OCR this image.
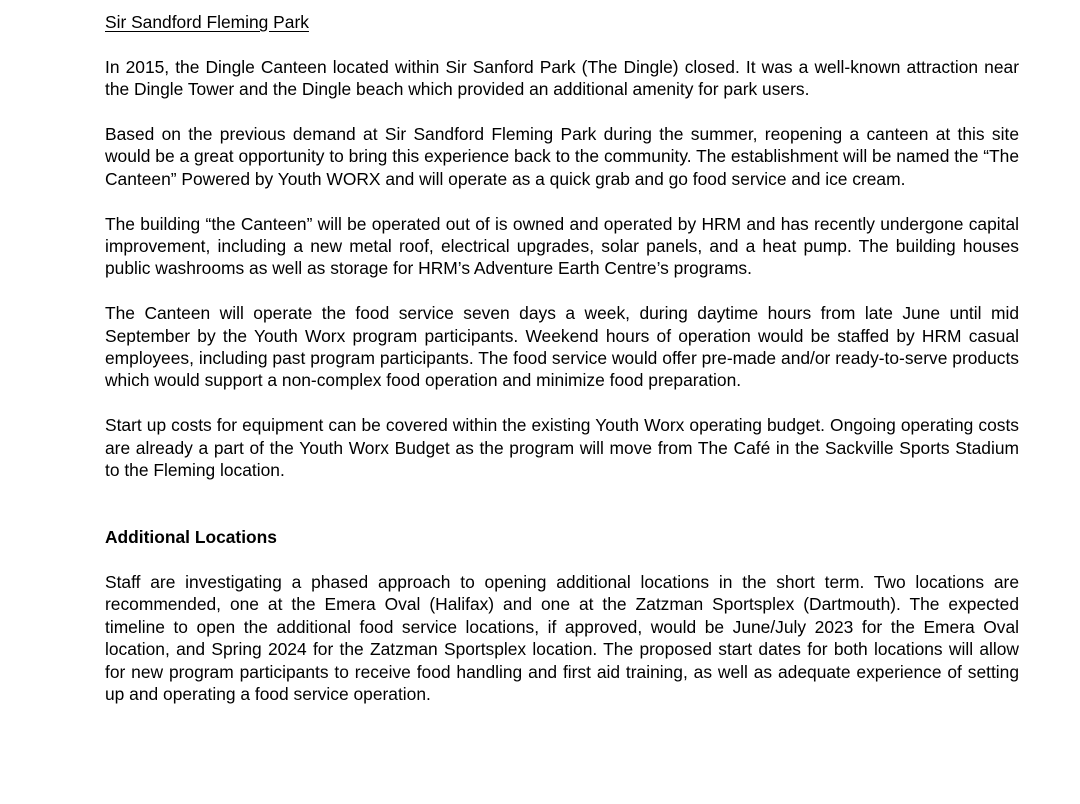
Sir Sandford Fleming Park

In 2015, the Dingle Canteen located within Sir Sanford Park (The Dingle) closed. It was a well-known attraction near the Dingle Tower and the Dingle beach which provided an additional amenity for park users.

Based on the previous demand at Sir Sandford Fleming Park during the summer, reopening a canteen at this site would be a great opportunity to bring this experience back to the community. The establishment will be named the “The Canteen” Powered by Youth WORX and will operate as a quick grab and go food service and ice cream.

The building “the Canteen” will be operated out of is owned and operated by HRM and has recently undergone capital improvement, including a new metal roof, electrical upgrades, solar panels, and a heat pump. The building houses public washrooms as well as storage for HRM’s Adventure Earth Centre’s programs.

The Canteen will operate the food service seven days a week, during daytime hours from late June until mid September by the Youth Worx program participants. Weekend hours of operation would be staffed by HRM casual employees, including past program participants. The food service would offer pre-made and/or ready-to-serve products which would support a non-complex food operation and minimize food preparation.

Start up costs for equipment can be covered within the existing Youth Worx operating budget. Ongoing operating costs are already a part of the Youth Worx Budget as the program will move from The Café in the Sackville Sports Stadium to the Fleming location.

Additional Locations

Staff are investigating a phased approach to opening additional locations in the short term. Two locations are recommended, one at the Emera Oval (Halifax) and one at the Zatzman Sportsplex (Dartmouth). The expected timeline to open the additional food service locations, if approved, would be June/July 2023 for the Emera Oval location, and Spring 2024 for the Zatzman Sportsplex location. The proposed start dates for both locations will allow for new program participants to receive food handling and first aid training, as well as adequate experience of setting up and operating a food service operation.
